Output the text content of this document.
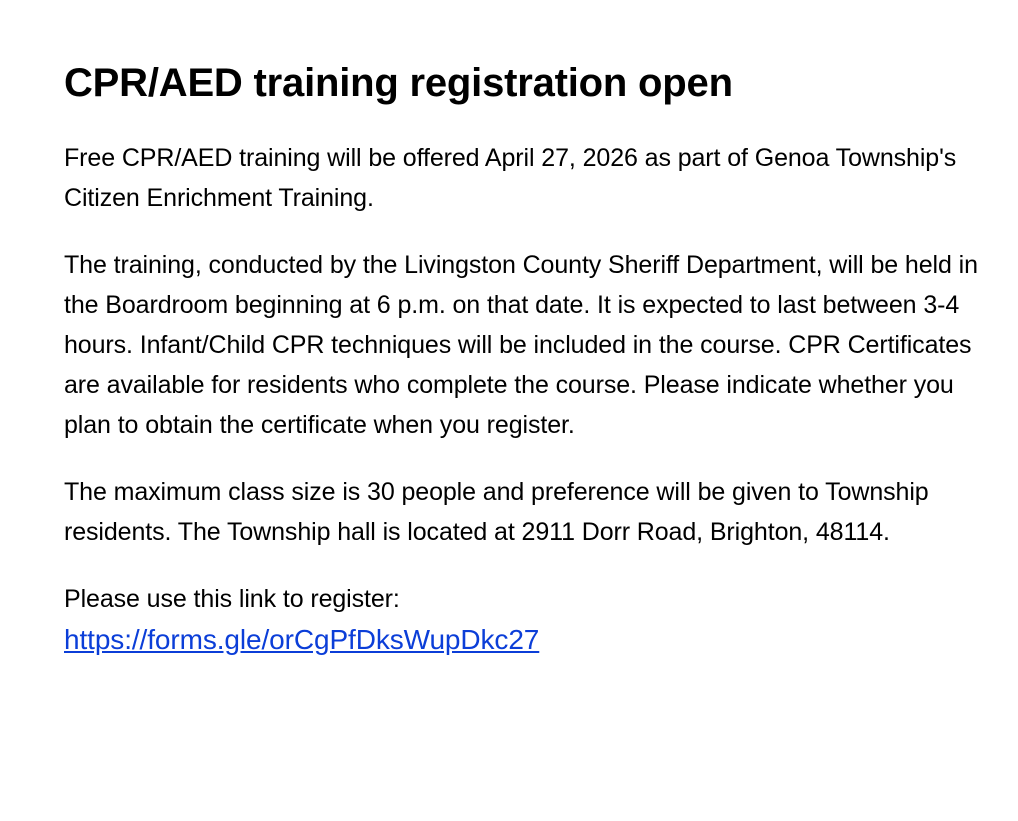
CPR/AED training registration open

Free CPR/AED training will be offered April 27, 2026 as part of Genoa Township's Citizen Enrichment Training.

The training, conducted by the Livingston County Sheriff Department, will be held in the Boardroom beginning at 6 p.m. on that date. It is expected to last between 3-4 hours. Infant/Child CPR techniques will be included in the course. CPR Certificates are available for residents who complete the course. Please indicate whether you plan to obtain the certificate when you register.

The maximum class size is 30 people and preference will be given to Township residents. The Township hall is located at 2911 Dorr Road, Brighton, 48114.

Please use this link to register:
https://forms.gle/orCgPfDksWupDkc27
